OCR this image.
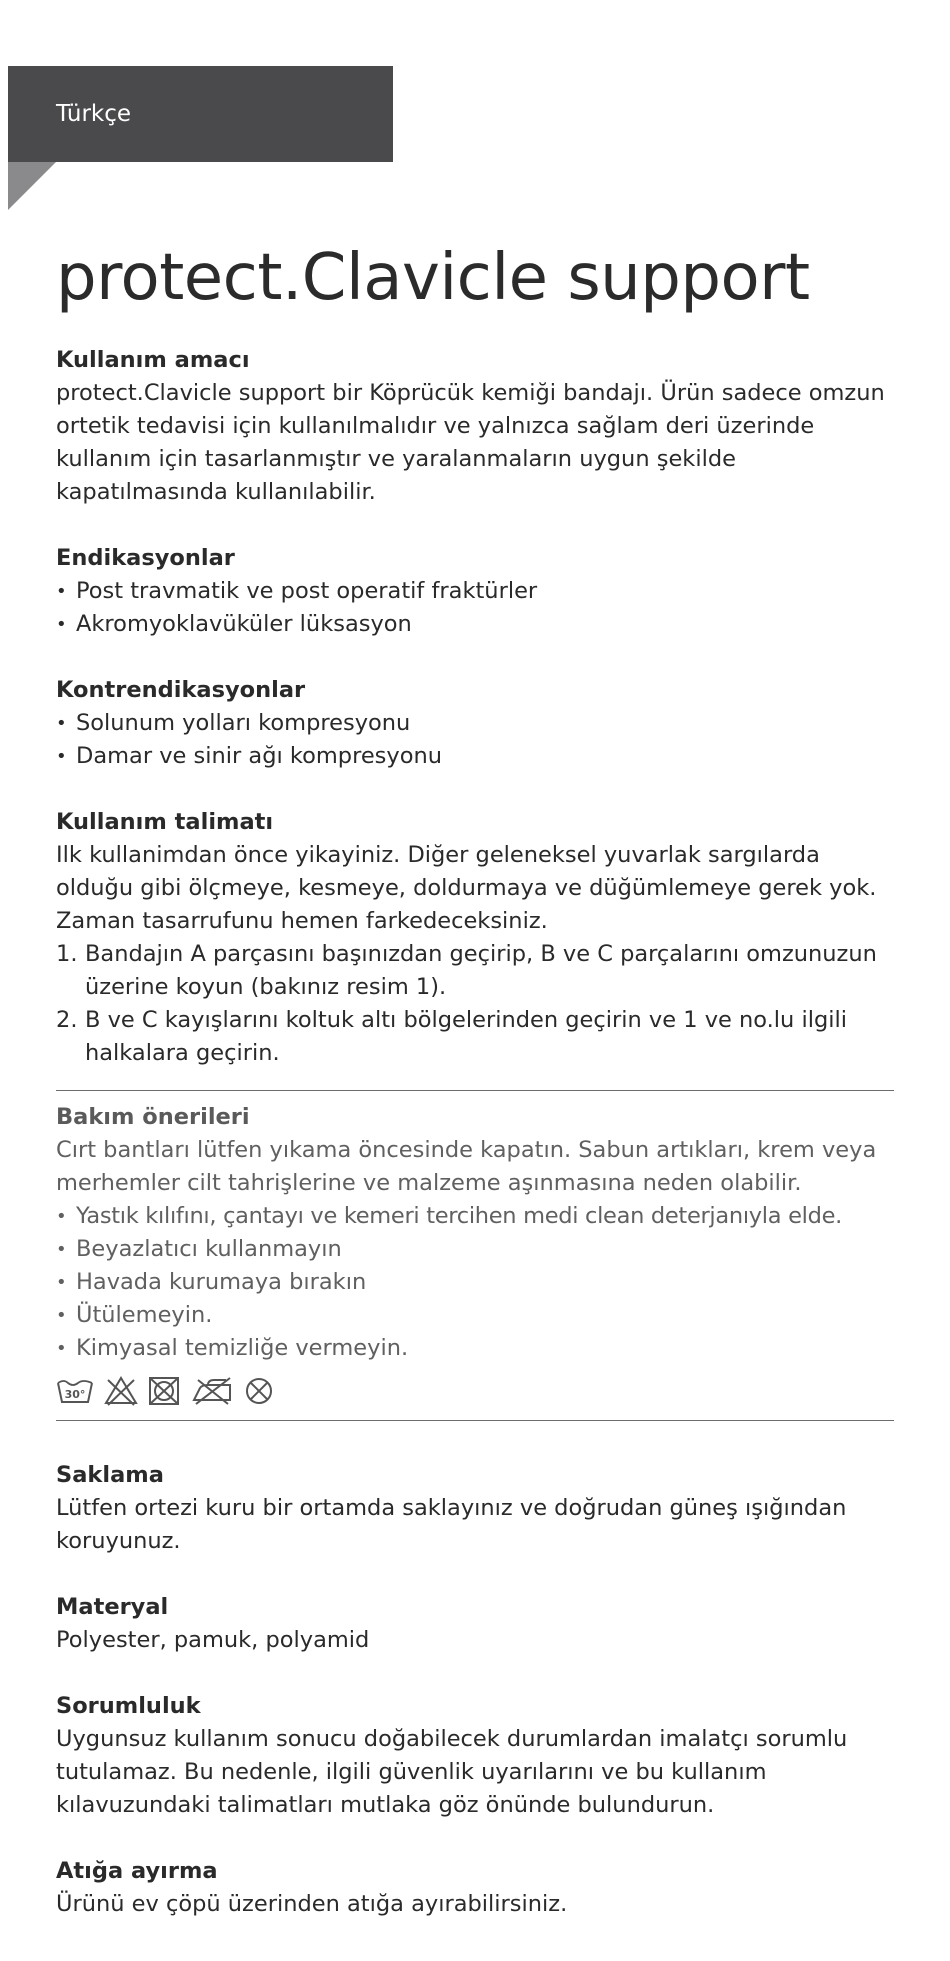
Türkçe
protect.Clavicle support
Kullanım amacı

protect.Clavicle support bir Köprücük kemiği bandajı. Ürün sadece omzun ortetik tedavisi için kullanılmalıdır ve yalnızca sağlam deri üzerinde kullanım için tasarlanmıştır ve yaralanmaların uygun şekilde kapatılmasında kullanılabilir.

Endikasyonlar
• Post travmatik ve post operatif fraktürler
• Akromyoklavüküler lüksasyon
Kontrendikasyonlar
• Solunum yolları kompresyonu
• Damar ve sinir ağı kompresyonu
Kullanım talimatı

Ilk kullanimdan önce yikayiniz. Diğer geleneksel yuvarlak sargılarda olduğu gibi ölçmeye, kesmeye, doldurmaya ve düğümlemeye gerek yok. Zaman tasarrufunu hemen farkedeceksiniz.

1. Bandajın A parçasını başınızdan geçirip, B ve C parçalarını omzunuzun üzerine koyun (bakınız resim 1).
2. B ve C kayışlarını koltuk altı bölgelerinden geçirin ve 1 ve no.lu ilgili halkalara geçirin.
Bakım önerileri

Cırt bantları lütfen yıkama öncesinde kapatın. Sabun artıkları, krem veya merhemler cilt tahrişlerine ve malzeme aşınmasına neden olabilir.

• Yastık kılıfını, çantayı ve kemeri tercihen medi clean deterjanıyla elde.
• Beyazlatıcı kullanmayın
• Havada kurumaya bırakın
• Ütülemeyin.
• Kimyasal temizliğe vermeyin.
30°
Saklama

Lütfen ortezi kuru bir ortamda saklayınız ve doğrudan güneş ışığından koruyunuz.

Materyal

Polyester, pamuk, polyamid

Sorumluluk

Uygunsuz kullanım sonucu doğabilecek durumlardan imalatçı sorumlu tutulamaz. Bu nedenle, ilgili güvenlik uyarılarını ve bu kullanım kılavuzundaki talimatları mutlaka göz önünde bulundurun.

Atığa ayırma

Ürünü ev çöpü üzerinden atığa ayırabilirsiniz.
